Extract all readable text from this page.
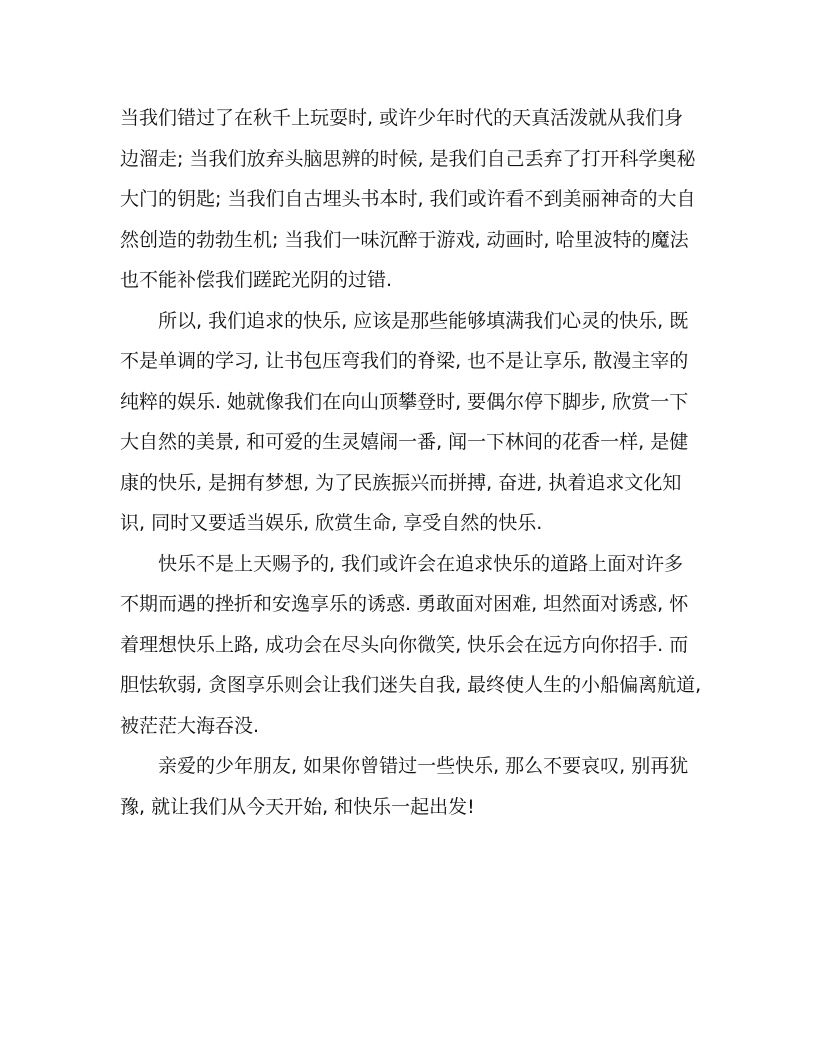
当我们错过了在秋千上玩耍时, 或许少年时代的天真活泼就从我们身边溜走; 当我们放弃头脑思辨的时候, 是我们自己丢弃了打开科学奥秘大门的钥匙; 当我们自古埋头书本时, 我们或许看不到美丽神奇的大自然创造的勃勃生机; 当我们一味沉醉于游戏, 动画时, 哈里波特的魔法也不能补偿我们蹉跎光阴的过错.

所以, 我们追求的快乐, 应该是那些能够填满我们心灵的快乐, 既不是单调的学习, 让书包压弯我们的脊梁, 也不是让享乐, 散漫主宰的纯粹的娱乐. 她就像我们在向山顶攀登时, 要偶尔停下脚步, 欣赏一下大自然的美景, 和可爱的生灵嬉闹一番, 闻一下林间的花香一样, 是健康的快乐, 是拥有梦想, 为了民族振兴而拼搏, 奋进, 执着追求文化知识, 同时又要适当娱乐, 欣赏生命, 享受自然的快乐.

快乐不是上天赐予的, 我们或许会在追求快乐的道路上面对许多不期而遇的挫折和安逸享乐的诱惑. 勇敢面对困难, 坦然面对诱惑, 怀着理想快乐上路, 成功会在尽头向你微笑, 快乐会在远方向你招手. 而胆怯软弱, 贪图享乐则会让我们迷失自我, 最终使人生的小船偏离航道, 被茫茫大海吞没.

亲爱的少年朋友, 如果你曾错过一些快乐, 那么不要哀叹, 别再犹豫, 就让我们从今天开始, 和快乐一起出发!
